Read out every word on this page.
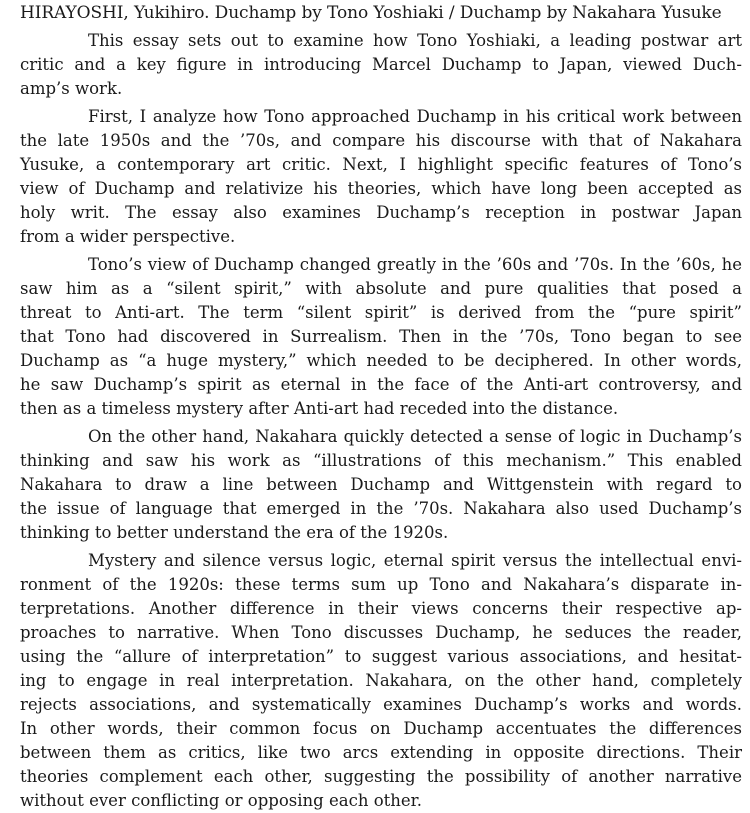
HIRAYOSHI, Yukihiro. Duchamp by Tono Yoshiaki / Duchamp by Nakahara Yusuke

This essay sets out to examine how Tono Yoshiaki, a leading postwar art
critic and a key figure in introducing Marcel Duchamp to Japan, viewed Duch-
amp’s work.
First, I analyze how Tono approached Duchamp in his critical work between
the late 1950s and the ’70s, and compare his discourse with that of Nakahara
Yusuke, a contemporary art critic. Next, I highlight specific features of Tono’s
view of Duchamp and relativize his theories, which have long been accepted as
holy writ. The essay also examines Duchamp’s reception in postwar Japan
from a wider perspective.
Tono’s view of Duchamp changed greatly in the ’60s and ’70s. In the ’60s, he
saw him as a “silent spirit,” with absolute and pure qualities that posed a
threat to Anti-art. The term “silent spirit” is derived from the “pure spirit”
that Tono had discovered in Surrealism. Then in the ’70s, Tono began to see
Duchamp as “a huge mystery,” which needed to be deciphered. In other words,
he saw Duchamp’s spirit as eternal in the face of the Anti-art controversy, and
then as a timeless mystery after Anti-art had receded into the distance.
On the other hand, Nakahara quickly detected a sense of logic in Duchamp’s
thinking and saw his work as “illustrations of this mechanism.” This enabled
Nakahara to draw a line between Duchamp and Wittgenstein with regard to
the issue of language that emerged in the ’70s. Nakahara also used Duchamp’s
thinking to better understand the era of the 1920s.
Mystery and silence versus logic, eternal spirit versus the intellectual envi-
ronment of the 1920s: these terms sum up Tono and Nakahara’s disparate in-
terpretations. Another difference in their views concerns their respective ap-
proaches to narrative. When Tono discusses Duchamp, he seduces the reader,
using the “allure of interpretation” to suggest various associations, and hesitat-
ing to engage in real interpretation. Nakahara, on the other hand, completely
rejects associations, and systematically examines Duchamp’s works and words.
In other words, their common focus on Duchamp accentuates the differences
between them as critics, like two arcs extending in opposite directions. Their
theories complement each other, suggesting the possibility of another narrative
without ever conflicting or opposing each other.
